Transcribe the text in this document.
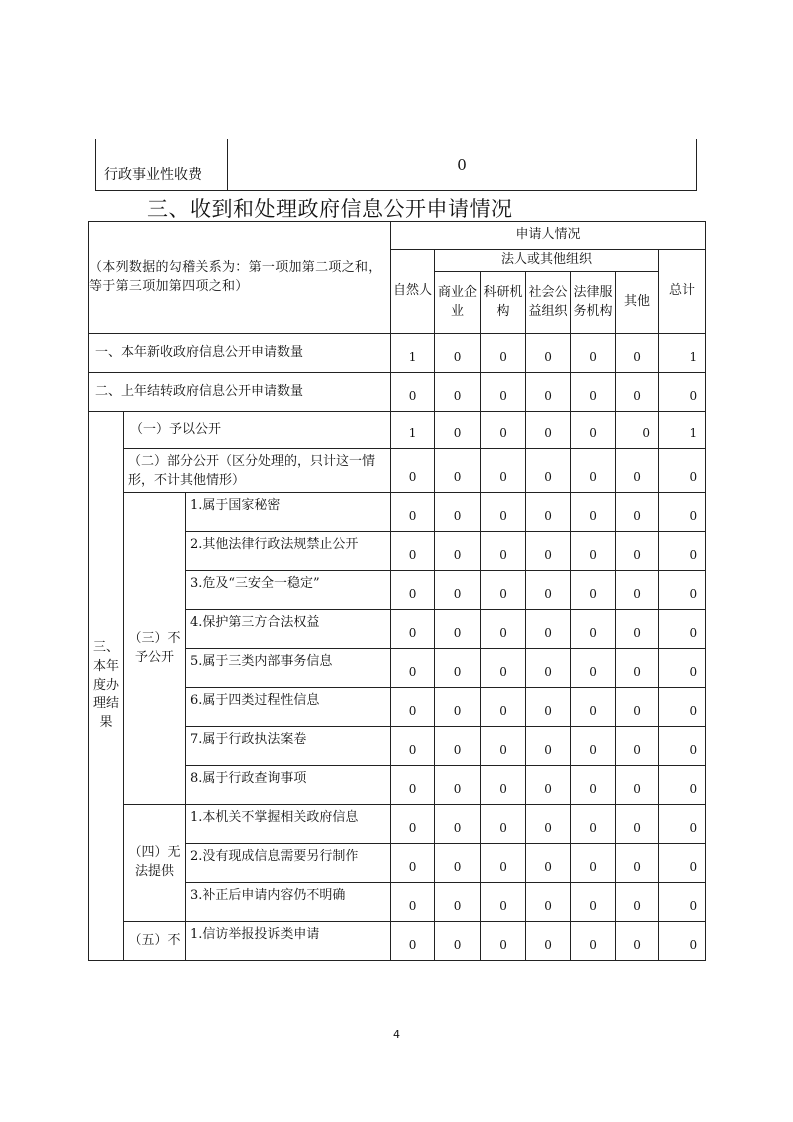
行政事业性收费	0
三、收到和处理政府信息公开申请情况
（本列数据的勾稽关系为：第一项加第二项之和，等于第三项加第四项之和）			申请人情况						
			自然人	法人或其他组织					总计
				商业企业	科研机构	社会公益组织	法律服务机构	其他	
一、本年新收政府信息公开申请数量			1	0	0	0	0	0	1
二、上年结转政府信息公开申请数量			0	0	0	0	0	0	0
三、本年度办理结果	（一）予以公开		1	0	0	0	0	0	1
	（二）部分公开（区分处理的，只计这一情形，不计其他情形）		0	0	0	0	0	0	0
	（三）不予公开	1.属于国家秘密	0	0	0	0	0	0	0
		2.其他法律行政法规禁止公开	0	0	0	0	0	0	0
		3.危及“三安全一稳定”	0	0	0	0	0	0	0
		4.保护第三方合法权益	0	0	0	0	0	0	0
		5.属于三类内部事务信息	0	0	0	0	0	0	0
		6.属于四类过程性信息	0	0	0	0	0	0	0
		7.属于行政执法案卷	0	0	0	0	0	0	0
		8.属于行政查询事项	0	0	0	0	0	0	0
	（四）无法提供	1.本机关不掌握相关政府信息	0	0	0	0	0	0	0
		2.没有现成信息需要另行制作	0	0	0	0	0	0	0
		3.补正后申请内容仍不明确	0	0	0	0	0	0	0
	（五）不	1.信访举报投诉类申请	0	0	0	0	0	0	0
4
